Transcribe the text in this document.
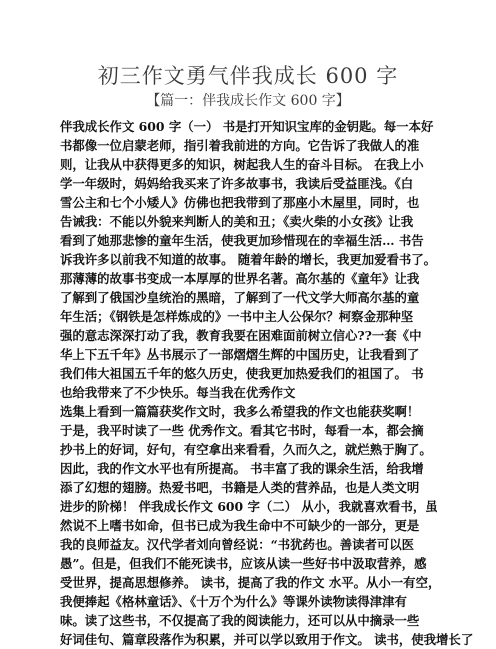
初三作文勇气伴我成长 600 字
【篇一：伴我成长作文 600 字】
伴我成长作文 600 字（一） 书是打开知识宝库的金钥匙。每一本好
书都像一位启蒙老师，指引着我前进的方向。它告诉了我做人的准
则，让我从中获得更多的知识，树起我人生的奋斗目标。 在我上小
学一年级时，妈妈给我买来了许多故事书，我读后受益匪浅。《白
雪公主和七个小矮人》仿佛也把我带到了那座小木屋里，同时，也
告诫我：不能以外貌来判断人的美和丑；《卖火柴的小女孩》让我
看到了她那悲惨的童年生活，使我更加珍惜现在的幸福生活… 书告
诉我许多以前我不知道的故事。 随着年龄的增长，我更加爱看书了。
那薄薄的故事书变成一本厚厚的世界名著。高尔基的《童年》让我
了解到了俄国沙皇统治的黑暗，了解到了一代文学大师高尔基的童
年生活；《钢铁是怎样炼成的》一书中主人公保尔？柯察金那种坚
强的意志深深打动了我，教育我要在困难面前树立信心??一套《中
华上下五千年》丛书展示了一部熠熠生辉的中国历史，让我看到了
我们伟大祖国五千年的悠久历史，使我更加热爱我们的祖国了。 书
也给我带来了不少快乐。每当我在优秀作文
选集上看到一篇篇获奖作文时，我多么希望我的作文也能获奖啊！
于是，我平时读了一些 优秀作文。看其它书时，每看一本，都会摘
抄书上的好词，好句，有空拿出来看看，久而久之，就烂熟于胸了。
因此，我的作文水平也有所提高。 书丰富了我的课余生活，给我增
添了幻想的翅膀。热爱书吧，书籍是人类的营养品，也是人类文明
进步的阶梯！ 伴我成长作文 600 字（二） 从小，我就喜欢看书，虽
然说不上嗜书如命，但书已成为我生命中不可缺少的一部分，更是
我的良师益友。汉代学者刘向曾经说：“书犹药也。善读者可以医
愚”。但是，但我们不能死读书，应该从读一些好书中汲取营养，感
受世界，提高思想修养。 读书，提高了我的作文 水平。从小一有空，
我便捧起《格林童话》、《十万个为什么》等课外读物读得津津有
味。读了这些书，不仅提高了我的阅读能力，还可以从中摘录一些
好词佳句、篇章段落作为积累，并可以学以致用于作文。 读书，使我增长了
